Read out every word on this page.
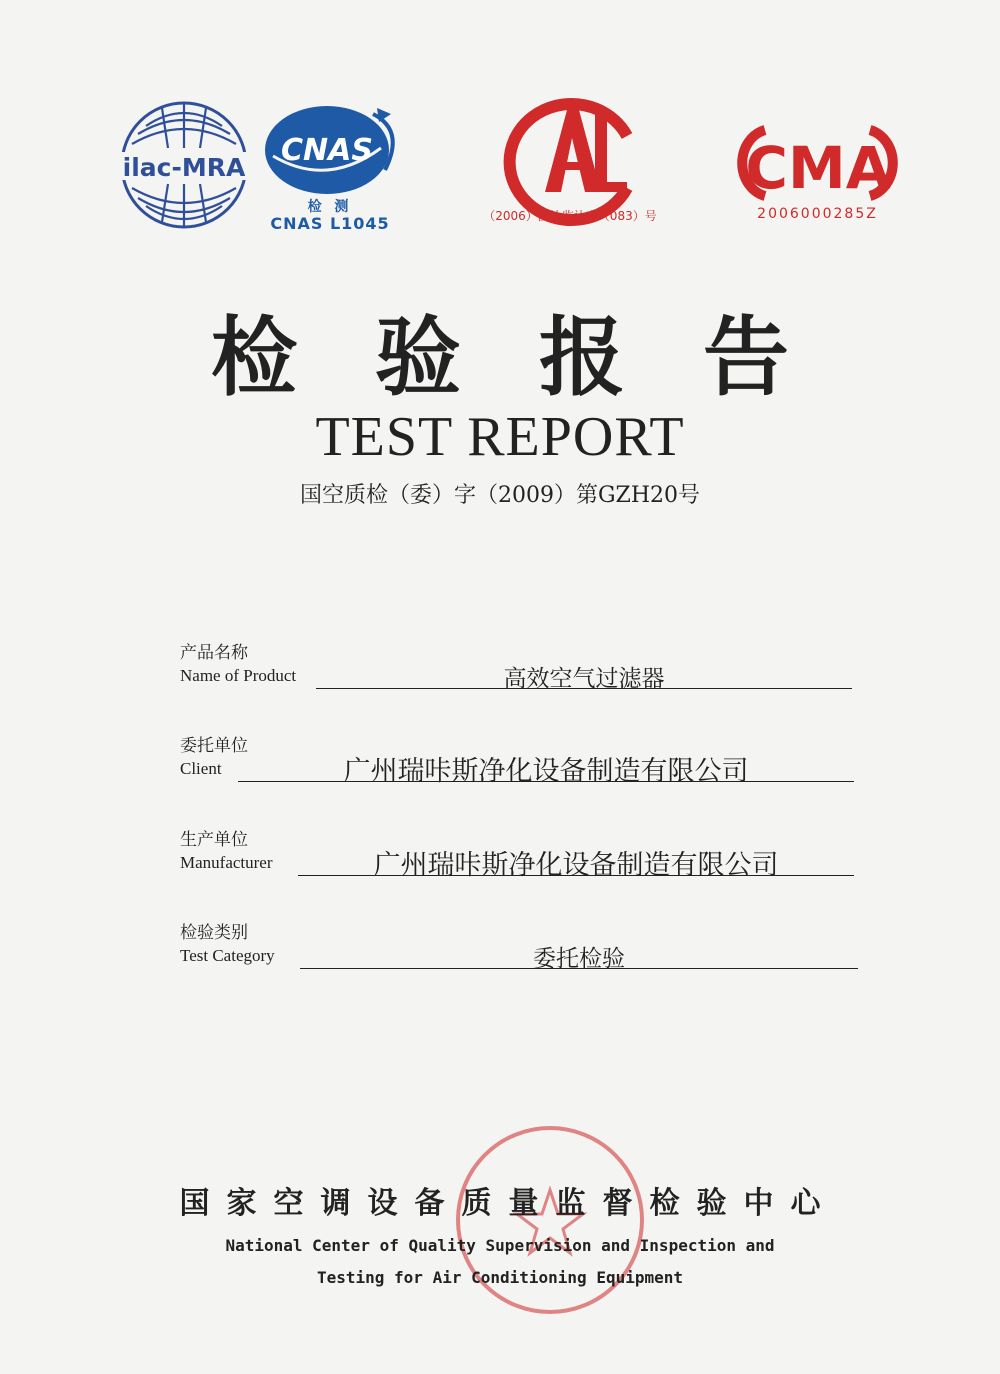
ilac-MRA CNAS
检 测
CNAS L1045	CAL
（2006）国认监认字（083）号
CMA
2006000285Z
检验报告
TEST REPORT
国空质检（委）字（2009）第GZH20号
产品名称
Name of Product	高效空气过滤器
委托单位
Client	广州瑞咔斯净化设备制造有限公司
生产单位
Manufacturer	广州瑞咔斯净化设备制造有限公司
检验类别
Test Category	委托检验
国家空调设备质量监督检验中心 检验鉴定章
国家空调设备质量监督检验中心
National Center of Quality Supervision and Inspection and
Testing for Air Conditioning Equipment
